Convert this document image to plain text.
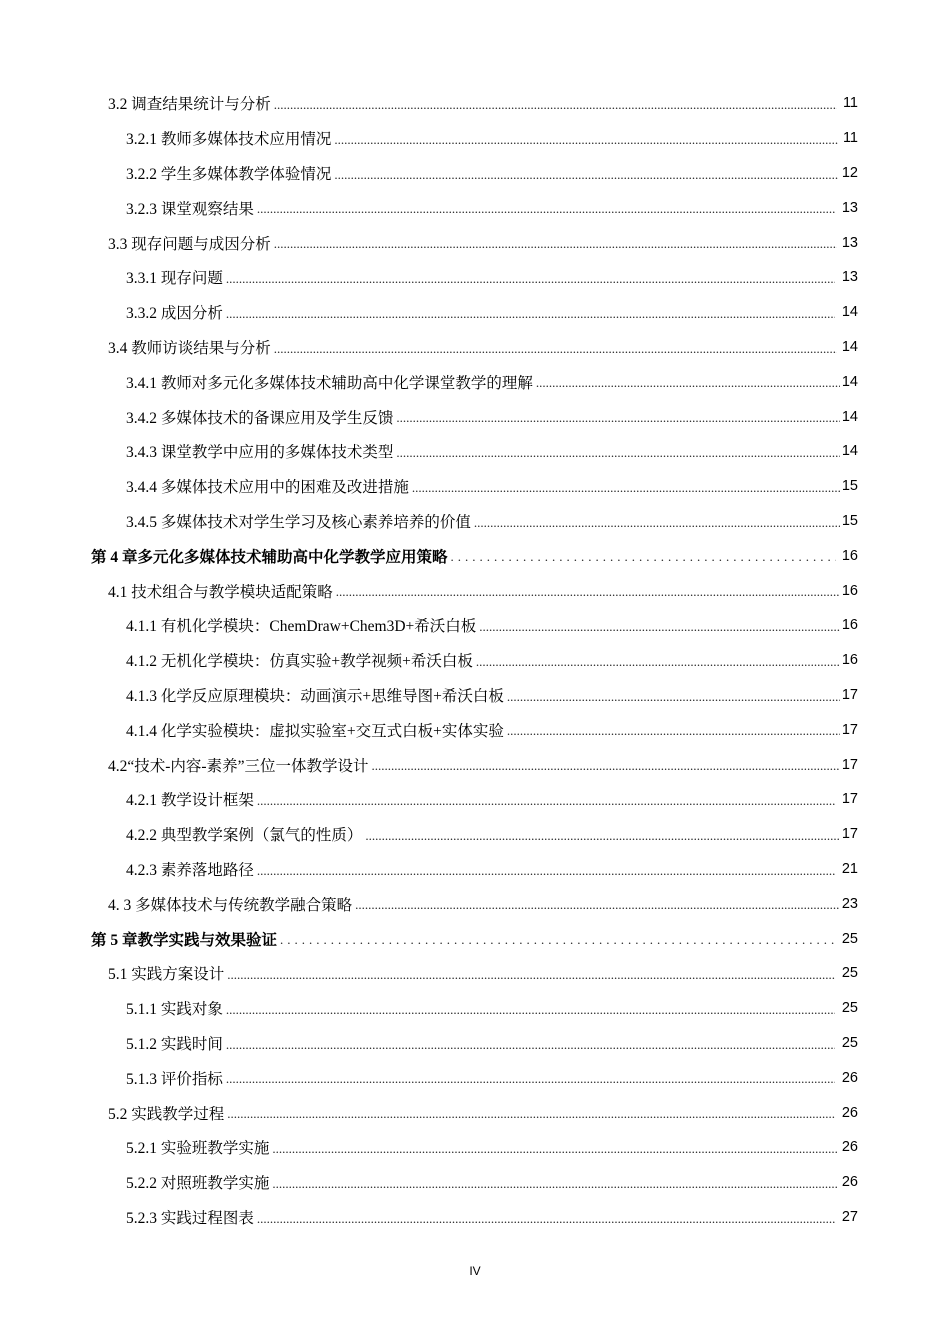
3.2 调查结果统计与分析 .....	11
3.2.1 教师多媒体技术应用情况 .....	11
3.2.2 学生多媒体教学体验情况 .....	12
3.2.3 课堂观察结果 .....	13
3.3 现存问题与成因分析 .....	13
3.3.1 现存问题 .....	13
3.3.2 成因分析 .....	14
3.4 教师访谈结果与分析 .....	14
3.4.1 教师对多元化多媒体技术辅助高中化学课堂教学的理解 .....	14
3.4.2 多媒体技术的备课应用及学生反馈 .....	14
3.4.3 课堂教学中应用的多媒体技术类型 .....	14
3.4.4 多媒体技术应用中的困难及改进措施 .....	15
3.4.5 多媒体技术对学生学习及核心素养培养的价值 .....	15
第 4 章多元化多媒体技术辅助高中化学教学应用策略 .....	16
4.1 技术组合与教学模块适配策略 .....	16
4.1.1 有机化学模块：ChemDraw+Chem3D+希沃白板 .....	16
4.1.2 无机化学模块：仿真实验+教学视频+希沃白板 .....	16
4.1.3 化学反应原理模块：动画演示+思维导图+希沃白板 .....	17
4.1.4 化学实验模块：虚拟实验室+交互式白板+实体实验 .....	17
4.2“技术-内容-素养”三位一体教学设计 .....	17
4.2.1 教学设计框架 .....	17
4.2.2 典型教学案例（氯气的性质） .....	17
4.2.3 素养落地路径 .....	21
4. 3 多媒体技术与传统教学融合策略 .....	23
第 5 章教学实践与效果验证 .....	25
5.1 实践方案设计 .....	25
5.1.1 实践对象 .....	25
5.1.2 实践时间 .....	25
5.1.3 评价指标 .....	26
5.2 实践教学过程 .....	26
5.2.1 实验班教学实施 .....	26
5.2.2 对照班教学实施 .....	26
5.2.3 实践过程图表 .....	27
IV
